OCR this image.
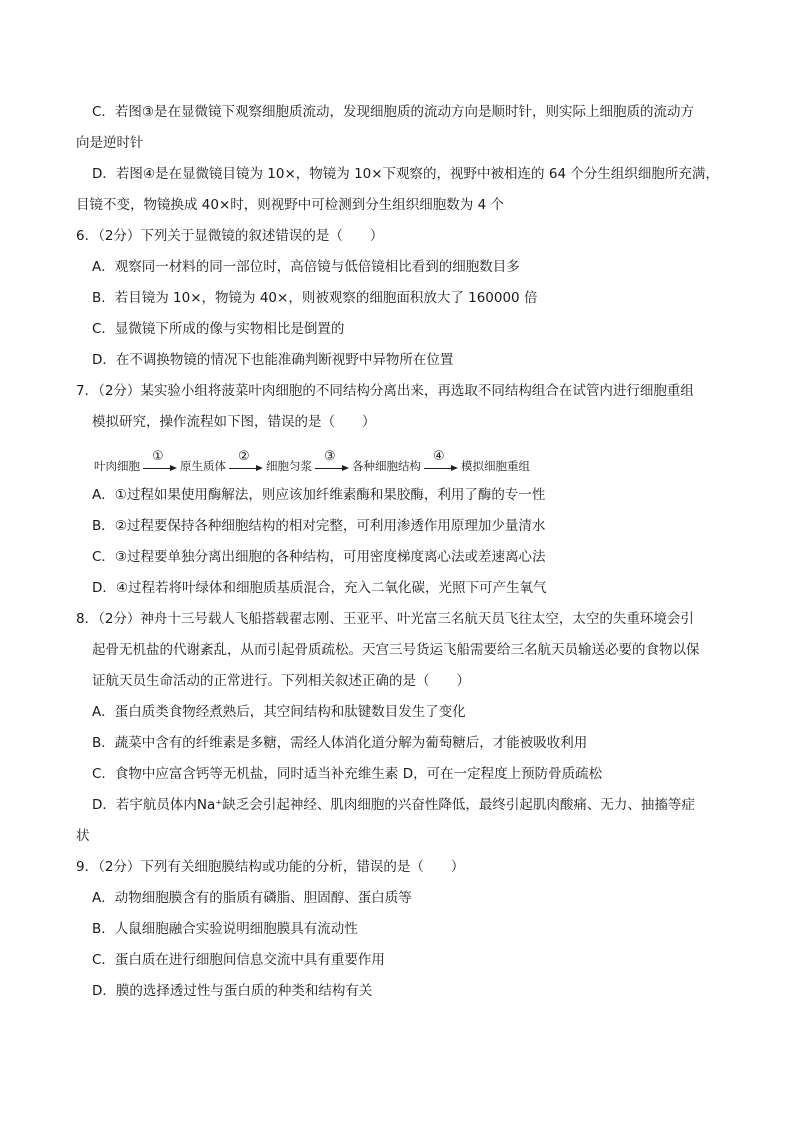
C．若图③是在显微镜下观察细胞质流动，发现细胞质的流动方向是顺时针，则实际上细胞质的流动方
向是逆时针
D．若图④是在显微镜目镜为 10×，物镜为 10×下观察的，视野中被相连的 64 个分生组织细胞所充满，
目镜不变，物镜换成 40×时，则视野中可检测到分生组织细胞数为 4 个
6．（2分）下列关于显微镜的叙述错误的是（　　）
A．观察同一材料的同一部位时，高倍镜与低倍镜相比看到的细胞数目多
B．若目镜为 10×，物镜为 40×，则被观察的细胞面积放大了 160000 倍
C．显微镜下所成的像与实物相比是倒置的
D．在不调换物镜的情况下也能准确判断视野中异物所在位置
7．（2分）某实验小组将菠菜叶肉细胞的不同结构分离出来，再选取不同结构组合在试管内进行细胞重组
模拟研究，操作流程如下图，错误的是（　　）
叶肉细胞
①
原生质体
②
细胞匀浆
③
各种细胞结构
④
模拟细胞重组
A．①过程如果使用酶解法，则应该加纤维素酶和果胶酶，利用了酶的专一性
B．②过程要保持各种细胞结构的相对完整，可利用渗透作用原理加少量清水
C．③过程要单独分离出细胞的各种结构，可用密度梯度离心法或差速离心法
D．④过程若将叶绿体和细胞质基质混合，充入二氧化碳，光照下可产生氧气
8．（2分）神舟十三号载人飞船搭载翟志刚、王亚平、叶光富三名航天员飞往太空，太空的失重环境会引
起骨无机盐的代谢紊乱，从而引起骨质疏松。天宫三号货运飞船需要给三名航天员输送必要的食物以保
证航天员生命活动的正常进行。下列相关叙述正确的是（　　）
A．蛋白质类食物经煮熟后，其空间结构和肽键数目发生了变化
B．蔬菜中含有的纤维素是多糖，需经人体消化道分解为葡萄糖后，才能被吸收利用
C．食物中应富含钙等无机盐，同时适当补充维生素 D，可在一定程度上预防骨质疏松
D．若宇航员体内Na⁺缺乏会引起神经、肌肉细胞的兴奋性降低，最终引起肌肉酸痛、无力、抽搐等症
状
9．（2分）下列有关细胞膜结构或功能的分析，错误的是（　　）
A．动物细胞膜含有的脂质有磷脂、胆固醇、蛋白质等
B．人鼠细胞融合实验说明细胞膜具有流动性
C．蛋白质在进行细胞间信息交流中具有重要作用
D．膜的选择透过性与蛋白质的种类和结构有关
